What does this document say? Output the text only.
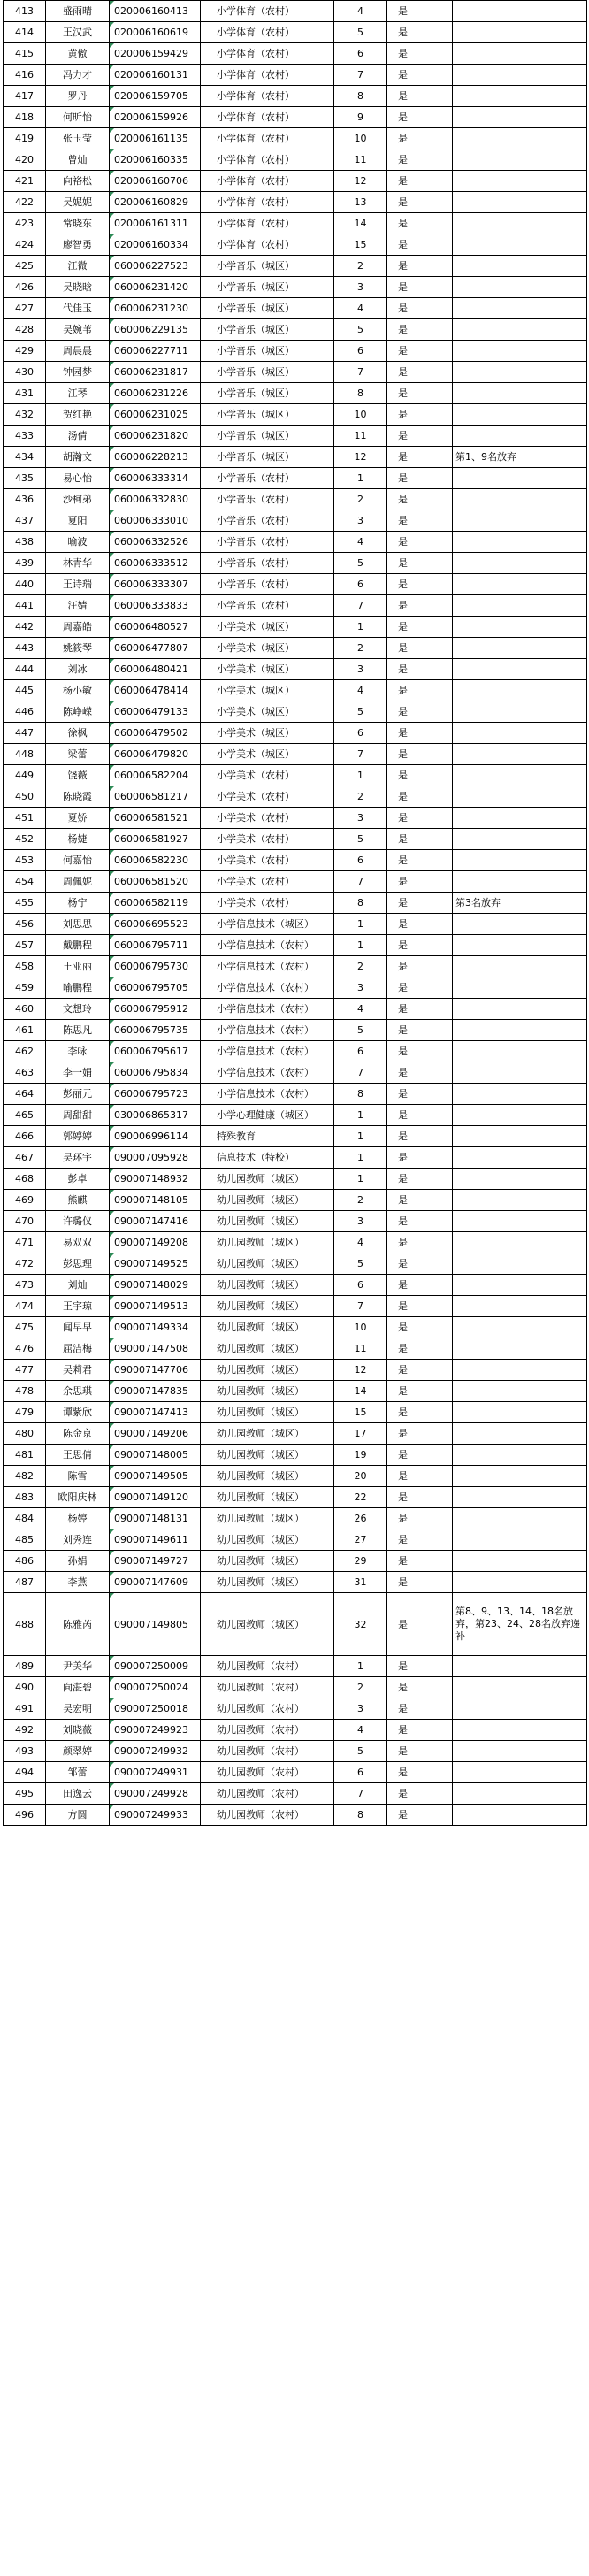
413	盛雨晴	020006160413	小学体育（农村）	4	是	
414	王汉武	020006160619	小学体育（农村）	5	是	
415	黄傲	020006159429	小学体育（农村）	6	是	
416	冯力才	020006160131	小学体育（农村）	7	是	
417	罗丹	020006159705	小学体育（农村）	8	是	
418	何昕怡	020006159926	小学体育（农村）	9	是	
419	张玉莹	020006161135	小学体育（农村）	10	是	
420	曾灿	020006160335	小学体育（农村）	11	是	
421	向裕松	020006160706	小学体育（农村）	12	是	
422	吴妮妮	020006160829	小学体育（农村）	13	是	
423	常晓东	020006161311	小学体育（农村）	14	是	
424	廖智勇	020006160334	小学体育（农村）	15	是	
425	江微	060006227523	小学音乐（城区）	2	是	
426	吴晓晗	060006231420	小学音乐（城区）	3	是	
427	代佳玉	060006231230	小学音乐（城区）	4	是	
428	吴婉苇	060006229135	小学音乐（城区）	5	是	
429	周晨晨	060006227711	小学音乐（城区）	6	是	
430	钟园梦	060006231817	小学音乐（城区）	7	是	
431	江琴	060006231226	小学音乐（城区）	8	是	
432	贺红艳	060006231025	小学音乐（城区）	10	是	
433	汤倩	060006231820	小学音乐（城区）	11	是	
434	胡瀚文	060006228213	小学音乐（城区）	12	是	第1、9名放弃
435	易心怡	060006333314	小学音乐（农村）	1	是	
436	沙柯弟	060006332830	小学音乐（农村）	2	是	
437	夏阳	060006333010	小学音乐（农村）	3	是	
438	喻波	060006332526	小学音乐（农村）	4	是	
439	林青华	060006333512	小学音乐（农村）	5	是	
440	王诗瑞	060006333307	小学音乐（农村）	6	是	
441	汪婧	060006333833	小学音乐（农村）	7	是	
442	周嘉皓	060006480527	小学美术（城区）	1	是	
443	姚筱琴	060006477807	小学美术（城区）	2	是	
444	刘冰	060006480421	小学美术（城区）	3	是	
445	杨小敏	060006478414	小学美术（城区）	4	是	
446	陈峥嵘	060006479133	小学美术（城区）	5	是	
447	徐枫	060006479502	小学美术（城区）	6	是	
448	梁蕾	060006479820	小学美术（城区）	7	是	
449	饶薇	060006582204	小学美术（农村）	1	是	
450	陈晓霞	060006581217	小学美术（农村）	2	是	
451	夏娇	060006581521	小学美术（农村）	3	是	
452	杨婕	060006581927	小学美术（农村）	5	是	
453	何嘉怡	060006582230	小学美术（农村）	6	是	
454	周佩妮	060006581520	小学美术（农村）	7	是	
455	杨宁	060006582119	小学美术（农村）	8	是	第3名放弃
456	刘思思	060006695523	小学信息技术（城区）	1	是	
457	戴鹏程	060006795711	小学信息技术（农村）	1	是	
458	王亚丽	060006795730	小学信息技术（农村）	2	是	
459	喻鹏程	060006795705	小学信息技术（农村）	3	是	
460	文想玲	060006795912	小学信息技术（农村）	4	是	
461	陈思凡	060006795735	小学信息技术（农村）	5	是	
462	李咏	060006795617	小学信息技术（农村）	6	是	
463	李一娟	060006795834	小学信息技术（农村）	7	是	
464	彭丽元	060006795723	小学信息技术（农村）	8	是	
465	周甜甜	030006865317	小学心理健康（城区）	1	是	
466	郭婷婷	090006996114	特殊教育	1	是	
467	吴环宇	090007095928	信息技术（特校）	1	是	
468	彭卓	090007148932	幼儿园教师（城区）	1	是	
469	熊麒	090007148105	幼儿园教师（城区）	2	是	
470	许璐仪	090007147416	幼儿园教师（城区）	3	是	
471	易双双	090007149208	幼儿园教师（城区）	4	是	
472	彭思理	090007149525	幼儿园教师（城区）	5	是	
473	刘灿	090007148029	幼儿园教师（城区）	6	是	
474	王宇琼	090007149513	幼儿园教师（城区）	7	是	
475	闻早早	090007149334	幼儿园教师（城区）	10	是	
476	屈洁梅	090007147508	幼儿园教师（城区）	11	是	
477	吴莉君	090007147706	幼儿园教师（城区）	12	是	
478	余思琪	090007147835	幼儿园教师（城区）	14	是	
479	谭紫欣	090007147413	幼儿园教师（城区）	15	是	
480	陈金京	090007149206	幼儿园教师（城区）	17	是	
481	王思倩	090007148005	幼儿园教师（城区）	19	是	
482	陈雪	090007149505	幼儿园教师（城区）	20	是	
483	欧阳庆林	090007149120	幼儿园教师（城区）	22	是	
484	杨婷	090007148131	幼儿园教师（城区）	26	是	
485	刘秀连	090007149611	幼儿园教师（城区）	27	是	
486	孙娟	090007149727	幼儿园教师（城区）	29	是	
487	李燕	090007147609	幼儿园教师（城区）	31	是	
488	陈雅芮	090007149805	幼儿园教师（城区）	32	是	第8、9、13、14、18名放弃，第23、24、28名放弃递补
489	尹美华	090007250009	幼儿园教师（农村）	1	是	
490	向湛碧	090007250024	幼儿园教师（农村）	2	是	
491	吴宏明	090007250018	幼儿园教师（农村）	3	是	
492	刘晓薇	090007249923	幼儿园教师（农村）	4	是	
493	颜翠婷	090007249932	幼儿园教师（农村）	5	是	
494	邹蕾	090007249931	幼儿园教师（农村）	6	是	
495	田逸云	090007249928	幼儿园教师（农村）	7	是	
496	方圆	090007249933	幼儿园教师（农村）	8	是	
